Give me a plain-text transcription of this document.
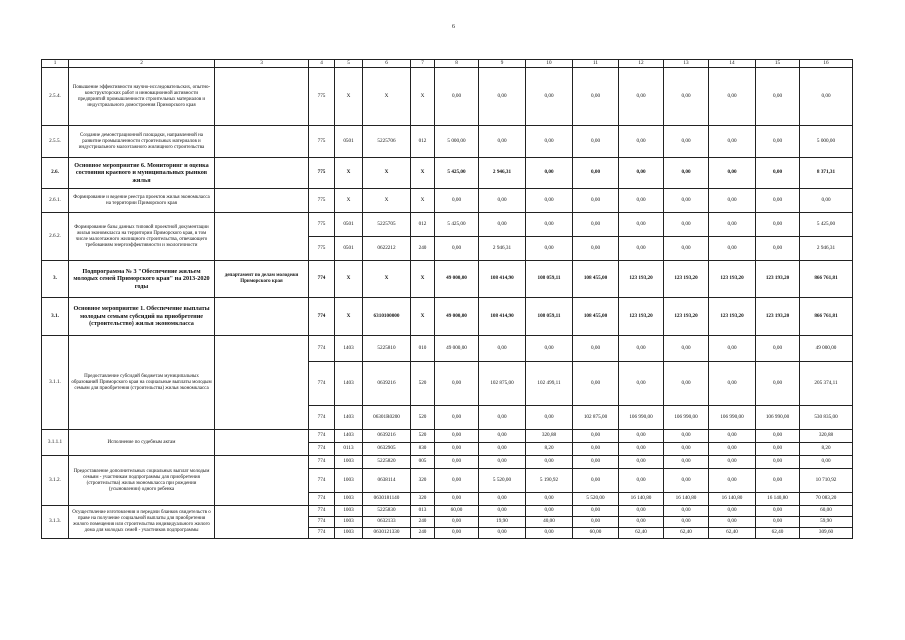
6
1	2	3	4	5	6	7	8	9	10	11	12	13	14	15	16
2.5.4.	Повышение эффективности научно-исследовательских, опытно-конструкторских работ и инновационной активности предприятий промышленности строительных материалов и индустриального домостроения Приморского края		775	X	X	X	0,00	0,00	0,00	0,00	0,00	0,00	0,00	0,00	0,00
2.5.5.	Создание демонстрационной площадки, направленной на развитие промышленности строительных материалов и индустриального малоэтажного жилищного строительства		775	0501	5225706	012	5 000,00	0,00	0,00	0,00	0,00	0,00	0,00	0,00	5 000,00
2.6.	Основное мероприятие 6. Мониторинг и оценка состояния краевого и муниципальных рынков жилья		775	X	X	X	5 425,00	2 946,31	0,00	0,00	0,00	0,00	0,00	0,00	8 371,31
2.6.1.	Формирование и ведение реестра проектов жилья экономкласса на территории Приморского края		775	X	X	X	0,00	0,00	0,00	0,00	0,00	0,00	0,00	0,00	0,00
2.6.2.	Формирование базы данных типовой проектной документации жилья экономкласса на территории Приморского края, в том числе малоэтажного жилищного строительства, отвечающего требованиям энергоэффективности и экологичности		775	0501	5225705	012	5 425,00	0,00	0,00	0,00	0,00	0,00	0,00	0,00	5 425,00
			775	0501	0622212	240	0,00	2 946,31	0,00	0,00	0,00	0,00	0,00	0,00	2 946,31
3.	Подпрограмма № 3 "Обеспечение жильем молодых семей Приморского края" на 2013-2020 годы	департамент по делам молодежи Приморского края	774	X	X	X	49 000,00	108 414,90	108 059,11	108 455,00	123 193,20	123 193,20	123 193,20	123 193,20	866 761,81
3.1.	Основное мероприятие 1. Обеспечение выплаты молодым семьям субсидий на приобретение (строительство) жилья экономкласса		774	X	6310100000	X	49 000,00	108 414,90	108 059,11	108 455,00	123 193,20	123 193,20	123 193,20	123 193,20	866 761,81
3.1.1.	Предоставление субсидий бюджетам муниципальных образований Приморского края на социальные выплаты молодым семьям для приобретения (строительства) жилья экономкласса		774	1403	5225810	010	49 000,00	0,00	0,00	0,00	0,00	0,00	0,00	0,00	49 000,00
			774	1403	0639216	520	0,00	102 875,00	102 499,11	0,00	0,00	0,00	0,00	0,00	205 374,11
			774	1403	06301R0200	520	0,00	0,00	0,00	102 875,00	106 990,00	106 990,00	106 990,00	106 990,00	530 835,00
3.1.1.1	Исполнение по судебным актам		774	1403	0639216	520	0,00	0,00	320,88	0,00	0,00	0,00	0,00	0,00	320,88
			774	0113	0632905	830	0,00	0,00	8,20	0,00	0,00	0,00	0,00	0,00	8,20
3.1.2.	Предоставление дополнительных социальных выплат молодым семьям - участникам подпрограммы для приобретения (строительства) жилья экономкласса при рождении (усыновлении) одного ребенка		774	1003	5225820	005	0,00	0,00	0,00	0,00	0,00	0,00	0,00	0,00	0,00
			774	1003	0638114	320	0,00	5 520,00	5 190,92	0,00	0,00	0,00	0,00	0,00	10 710,92
			774	1003	0630181140	320	0,00	0,00	0,00	5 520,00	16 140,80	16 140,80	16 140,80	16 140,80	70 083,20
3.1.3.	Осуществление изготовления и передачи бланков свидетельств о праве на получение социальной выплаты для приобретения жилого помещения или строительства индивидуального жилого дома для молодых семей - участников подпрограммы		774	1003	5225830	013	60,00	0,00	0,00	0,00	0,00	0,00	0,00	0,00	60,00
			774	1003	0632133	240	0,00	19,90	40,00	0,00	0,00	0,00	0,00	0,00	59,90
			774	1003	0630121330	240	0,00	0,00	0,00	60,00	62,40	62,40	62,40	62,40	309,60
